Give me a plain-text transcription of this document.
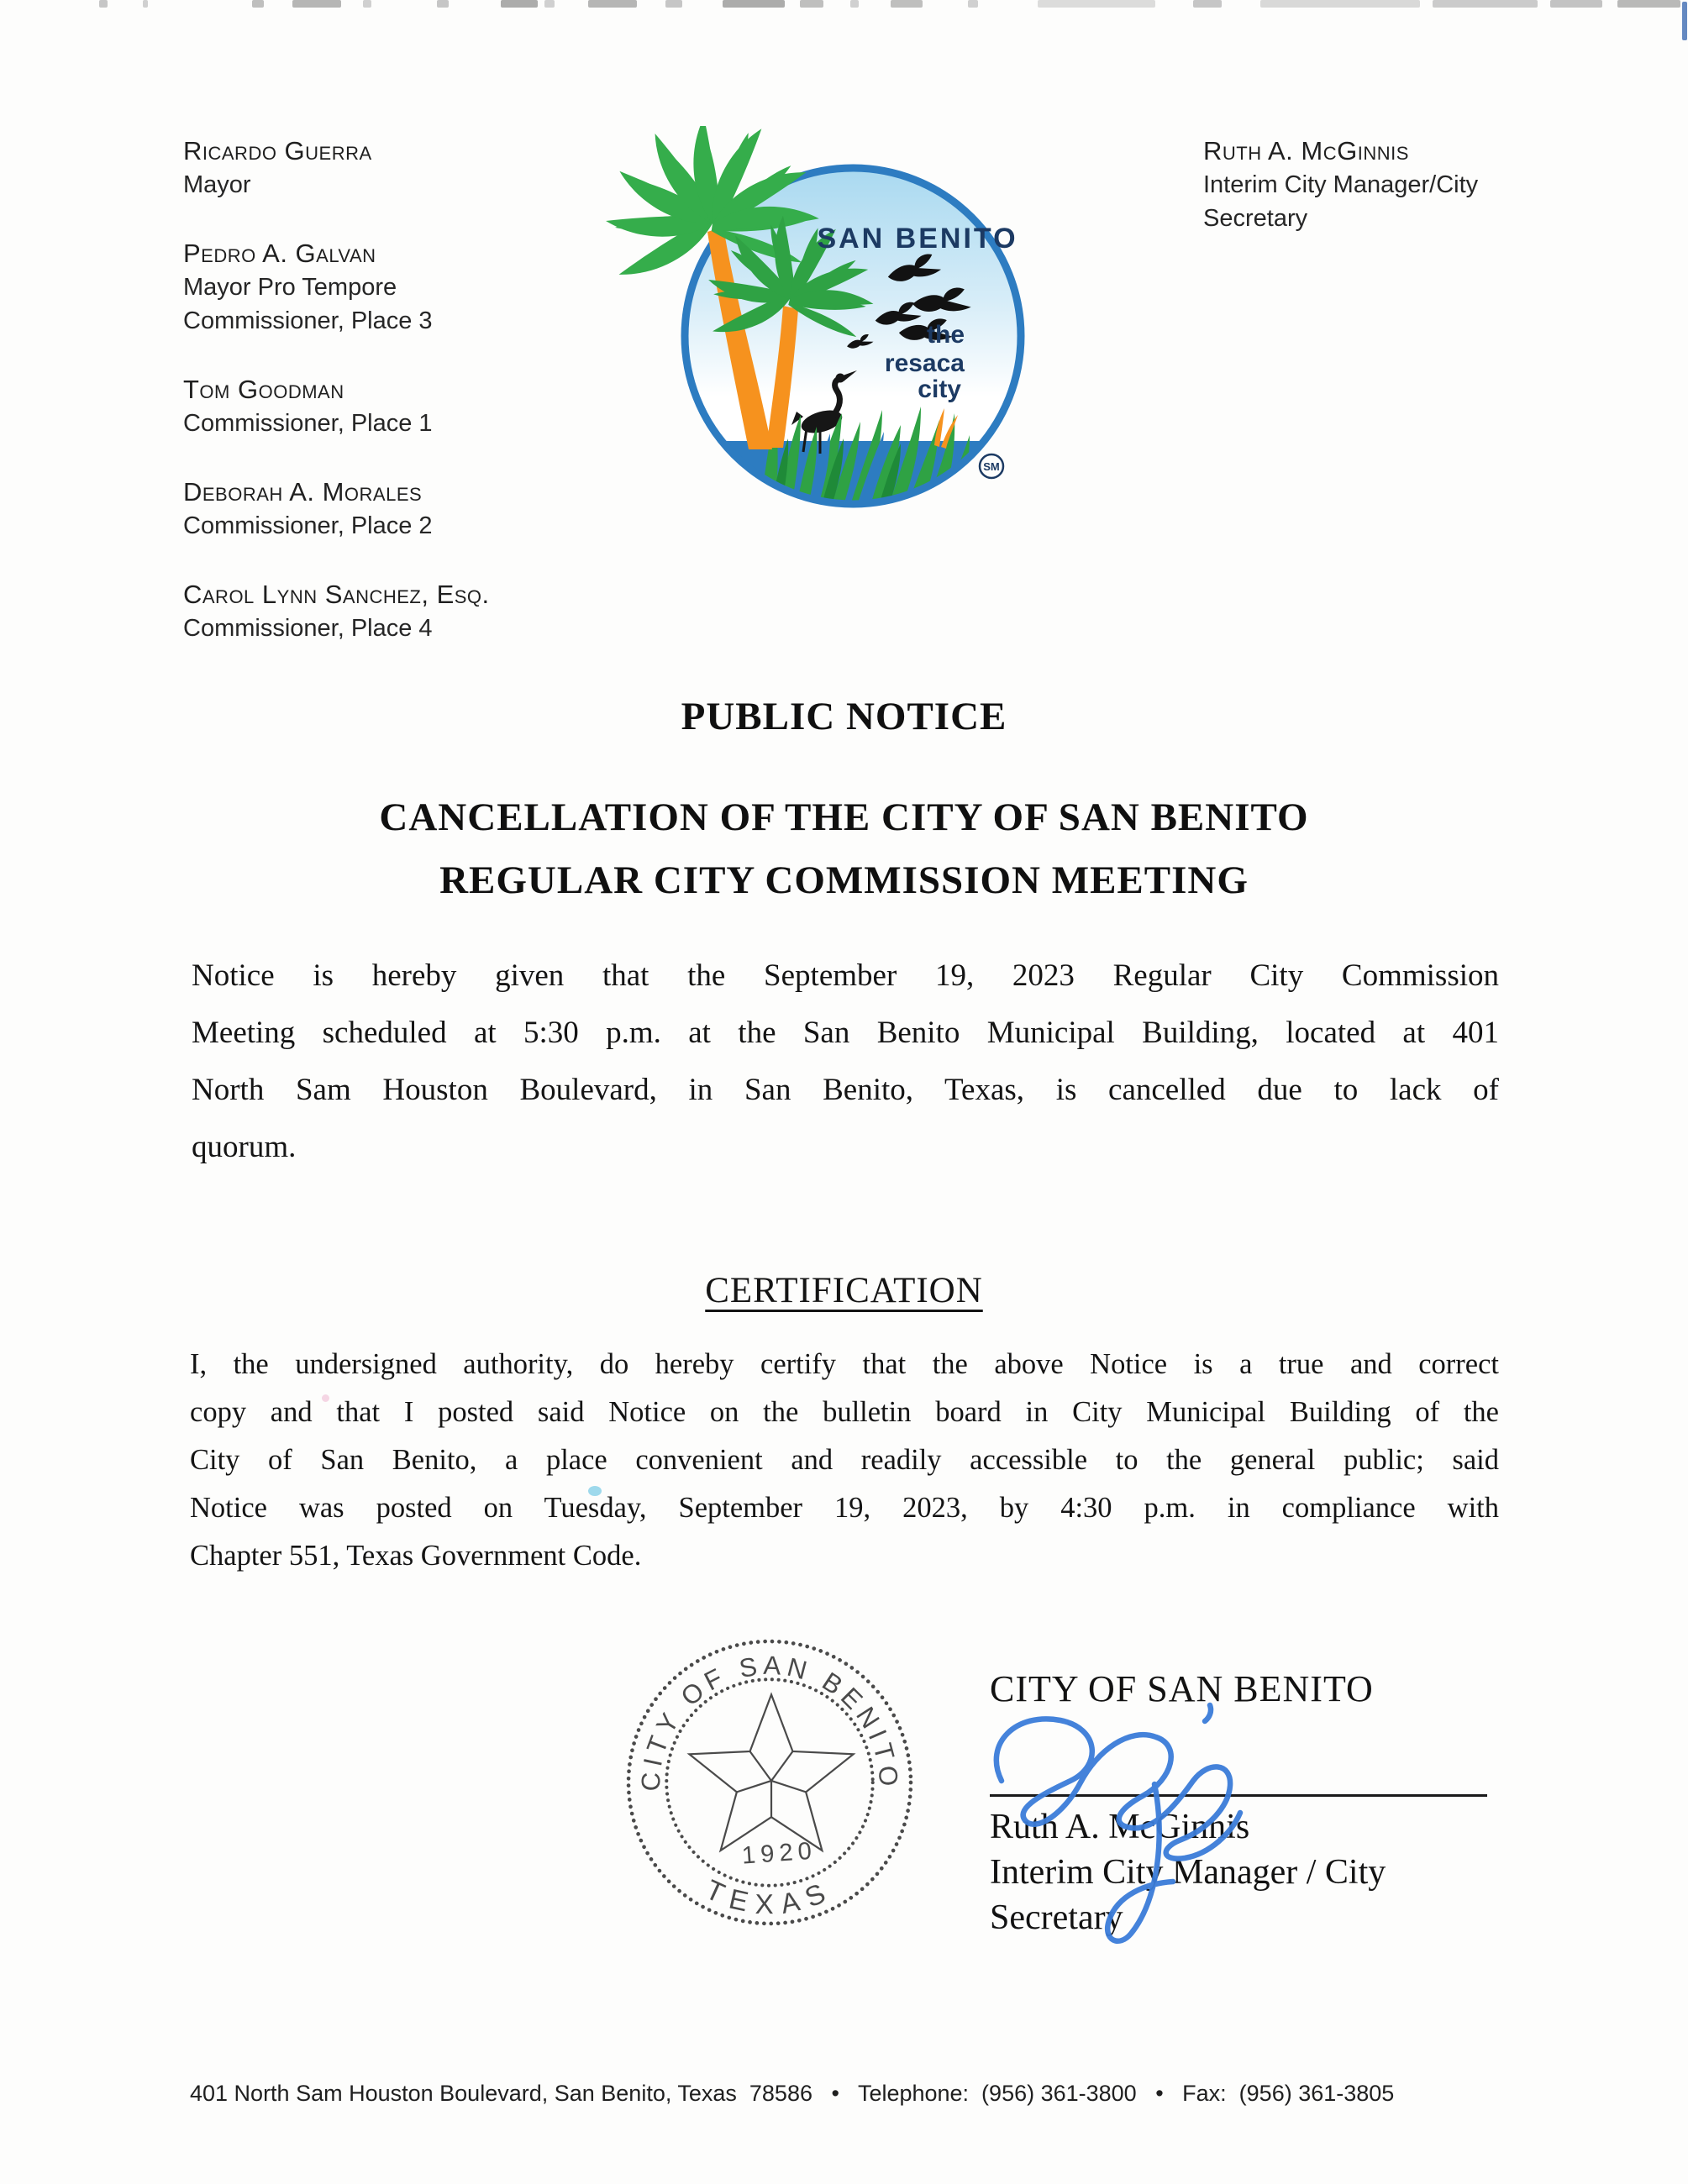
Ricardo Guerra
Mayor
Pedro A. Galvan
Mayor Pro Tempore
Commissioner, Place 3
Tom Goodman
Commissioner, Place 1
Deborah A. Morales
Commissioner, Place 2
Carol Lynn Sanchez, Esq.
Commissioner, Place 4
Ruth A. McGinnis
Interim City Manager/City
Secretary
SAN BENITO
the
resaca
city
SM
PUBLIC NOTICE
CANCELLATION OF THE CITY OF SAN BENITO
REGULAR CITY COMMISSION MEETING
Notice is hereby given that the September 19, 2023 Regular City Commission
Meeting scheduled at 5:30 p.m. at the San Benito Municipal Building, located at 401
North Sam Houston Boulevard, in San Benito, Texas, is cancelled due to lack of
quorum.
CERTIFICATION
I, the undersigned authority, do hereby certify that the above Notice is a true and correct
copy and that I posted said Notice on the bulletin board in City Municipal Building of the
City of San Benito, a place convenient and readily accessible to the general public; said
Notice was posted on Tuesday, September 19, 2023, by 4:30 p.m. in compliance with
Chapter 551, Texas Government Code.
CITY OF SAN BENITO
TEXAS
1920
CITY OF SAN BENITO
Ruth A. McGinnis
Interim City Manager / City
Secretary
401 North Sam Houston Boulevard, San Benito, Texas  78586   •   Telephone:  (956) 361-3800   •   Fax:  (956) 361-3805
